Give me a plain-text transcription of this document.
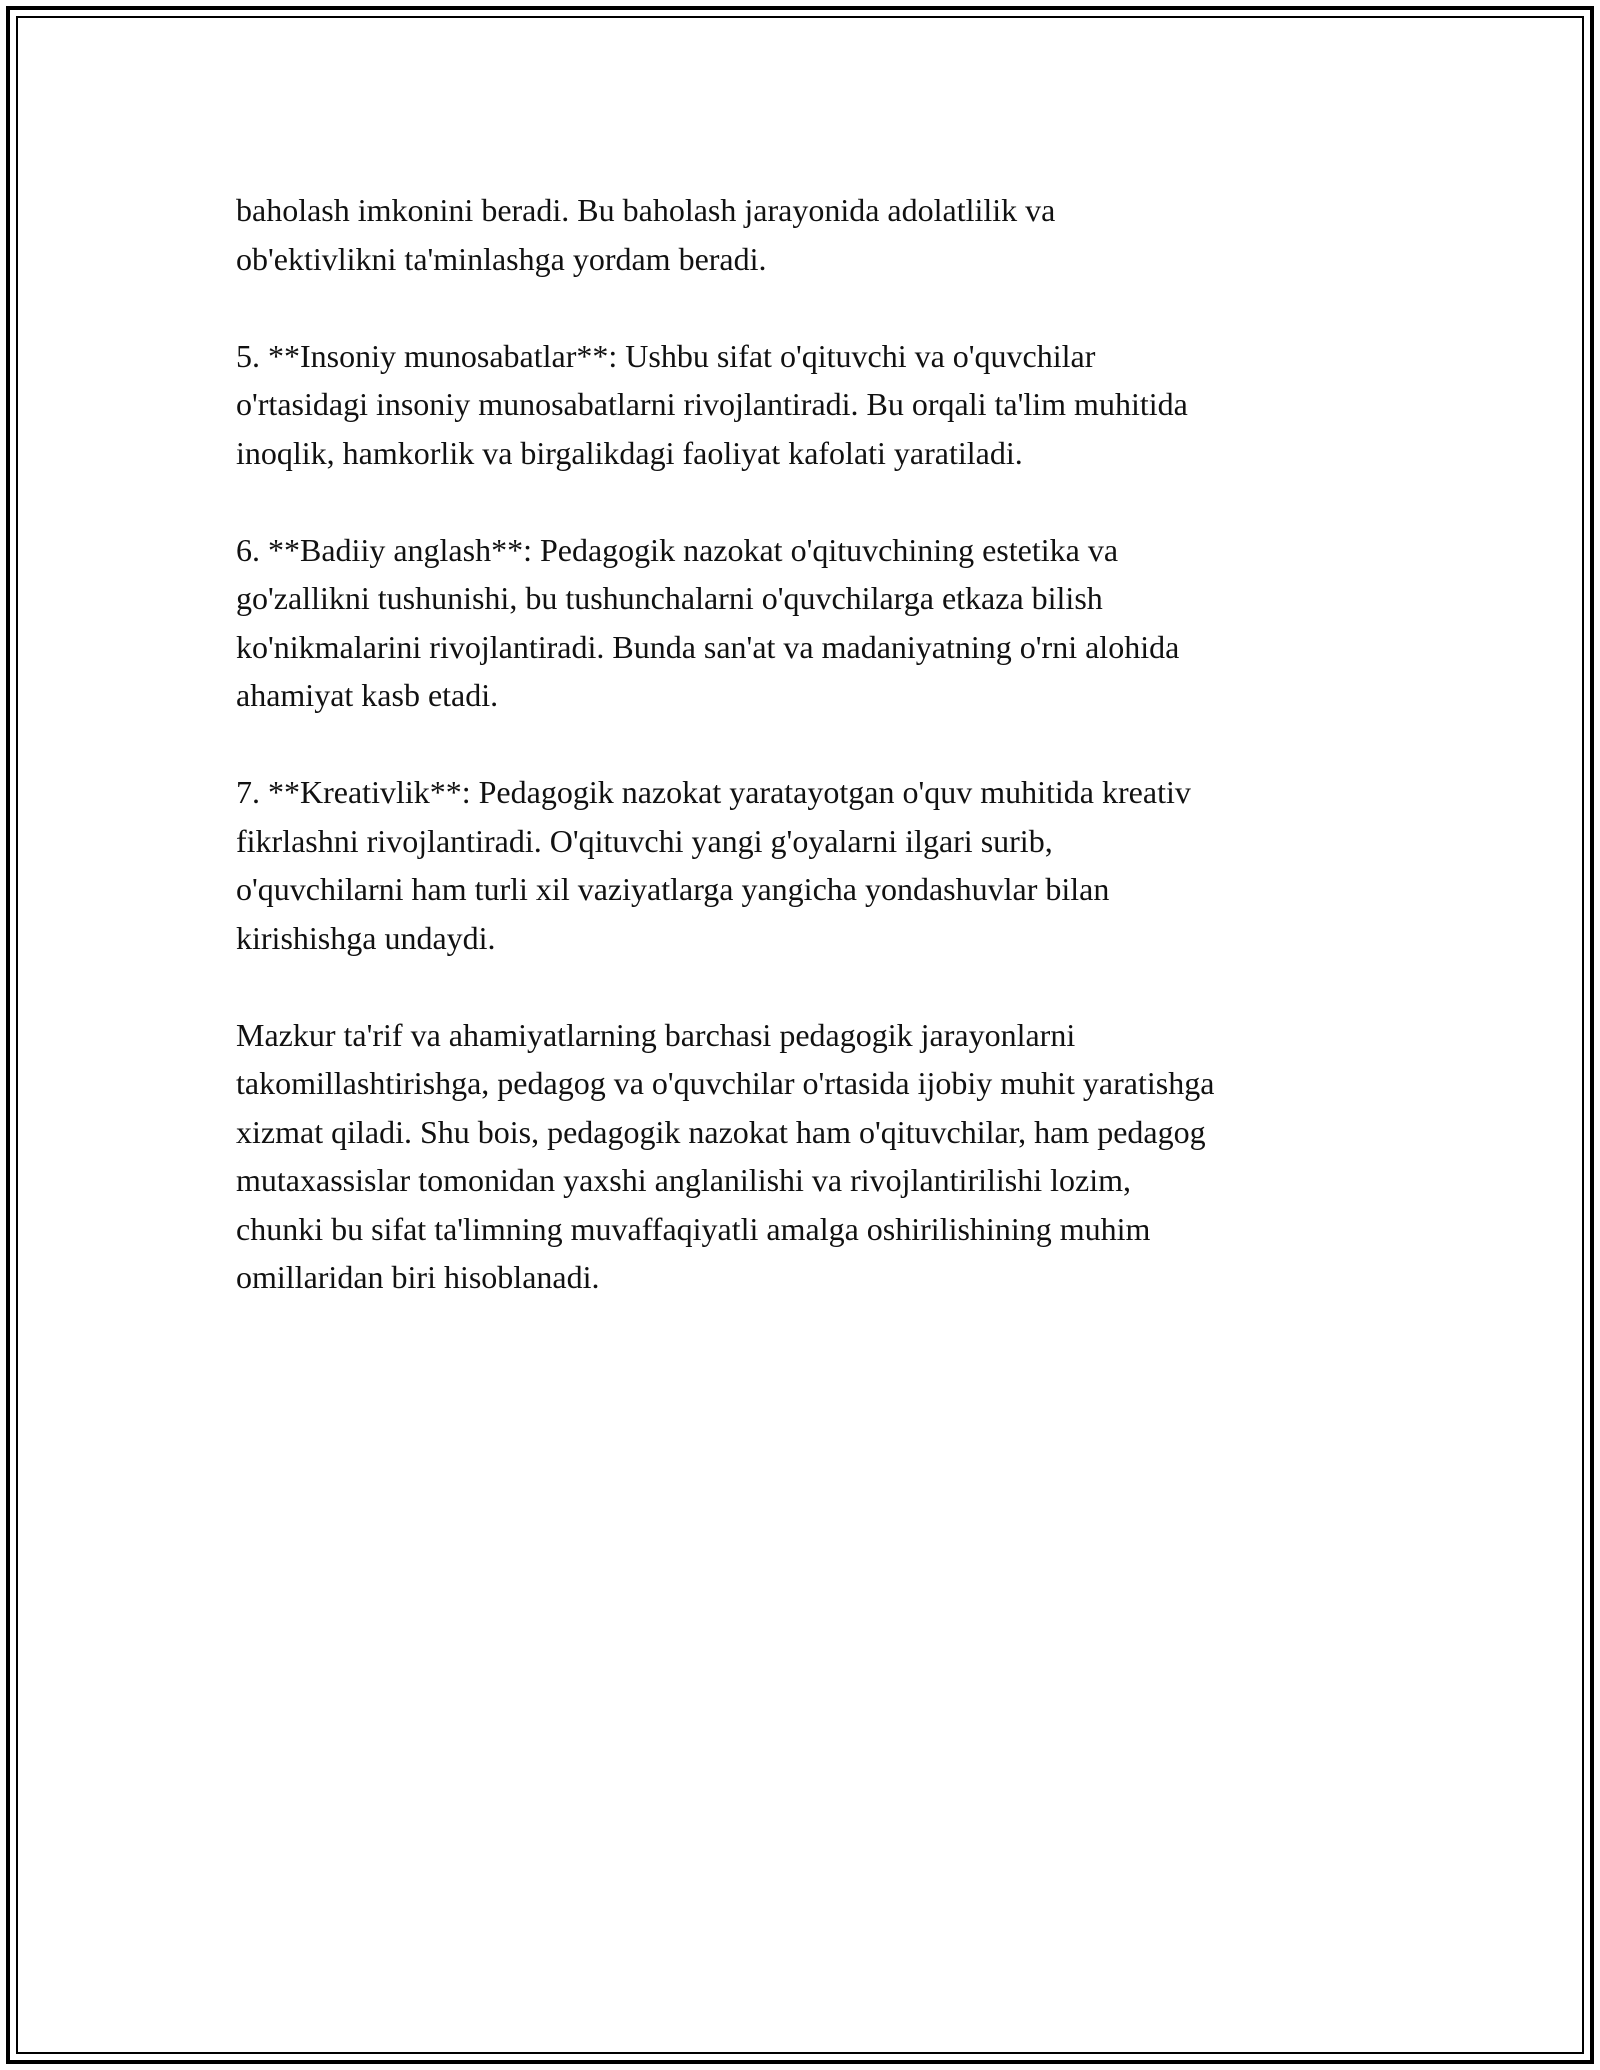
baholash imkonini beradi. Bu baholash jarayonida adolatlilik va
ob'ektivlikni ta'minlashga yordam beradi.

5. **Insoniy munosabatlar**: Ushbu sifat o'qituvchi va o'quvchilar
o'rtasidagi insoniy munosabatlarni rivojlantiradi. Bu orqali ta'lim muhitida
inoqlik, hamkorlik va birgalikdagi faoliyat kafolati yaratiladi.

6. **Badiiy anglash**: Pedagogik nazokat o'qituvchining estetika va
go'zallikni tushunishi, bu tushunchalarni o'quvchilarga etkaza bilish
ko'nikmalarini rivojlantiradi. Bunda san'at va madaniyatning o'rni alohida
ahamiyat kasb etadi.

7. **Kreativlik**: Pedagogik nazokat yaratayotgan o'quv muhitida kreativ
fikrlashni rivojlantiradi. O'qituvchi yangi g'oyalarni ilgari surib,
o'quvchilarni ham turli xil vaziyatlarga yangicha yondashuvlar bilan
kirishishga undaydi.

Mazkur ta'rif va ahamiyatlarning barchasi pedagogik jarayonlarni
takomillashtirishga, pedagog va o'quvchilar o'rtasida ijobiy muhit yaratishga
xizmat qiladi. Shu bois, pedagogik nazokat ham o'qituvchilar, ham pedagog
mutaxassislar tomonidan yaxshi anglanilishi va rivojlantirilishi lozim,
chunki bu sifat ta'limning muvaffaqiyatli amalga oshirilishining muhim
omillaridan biri hisoblanadi.
